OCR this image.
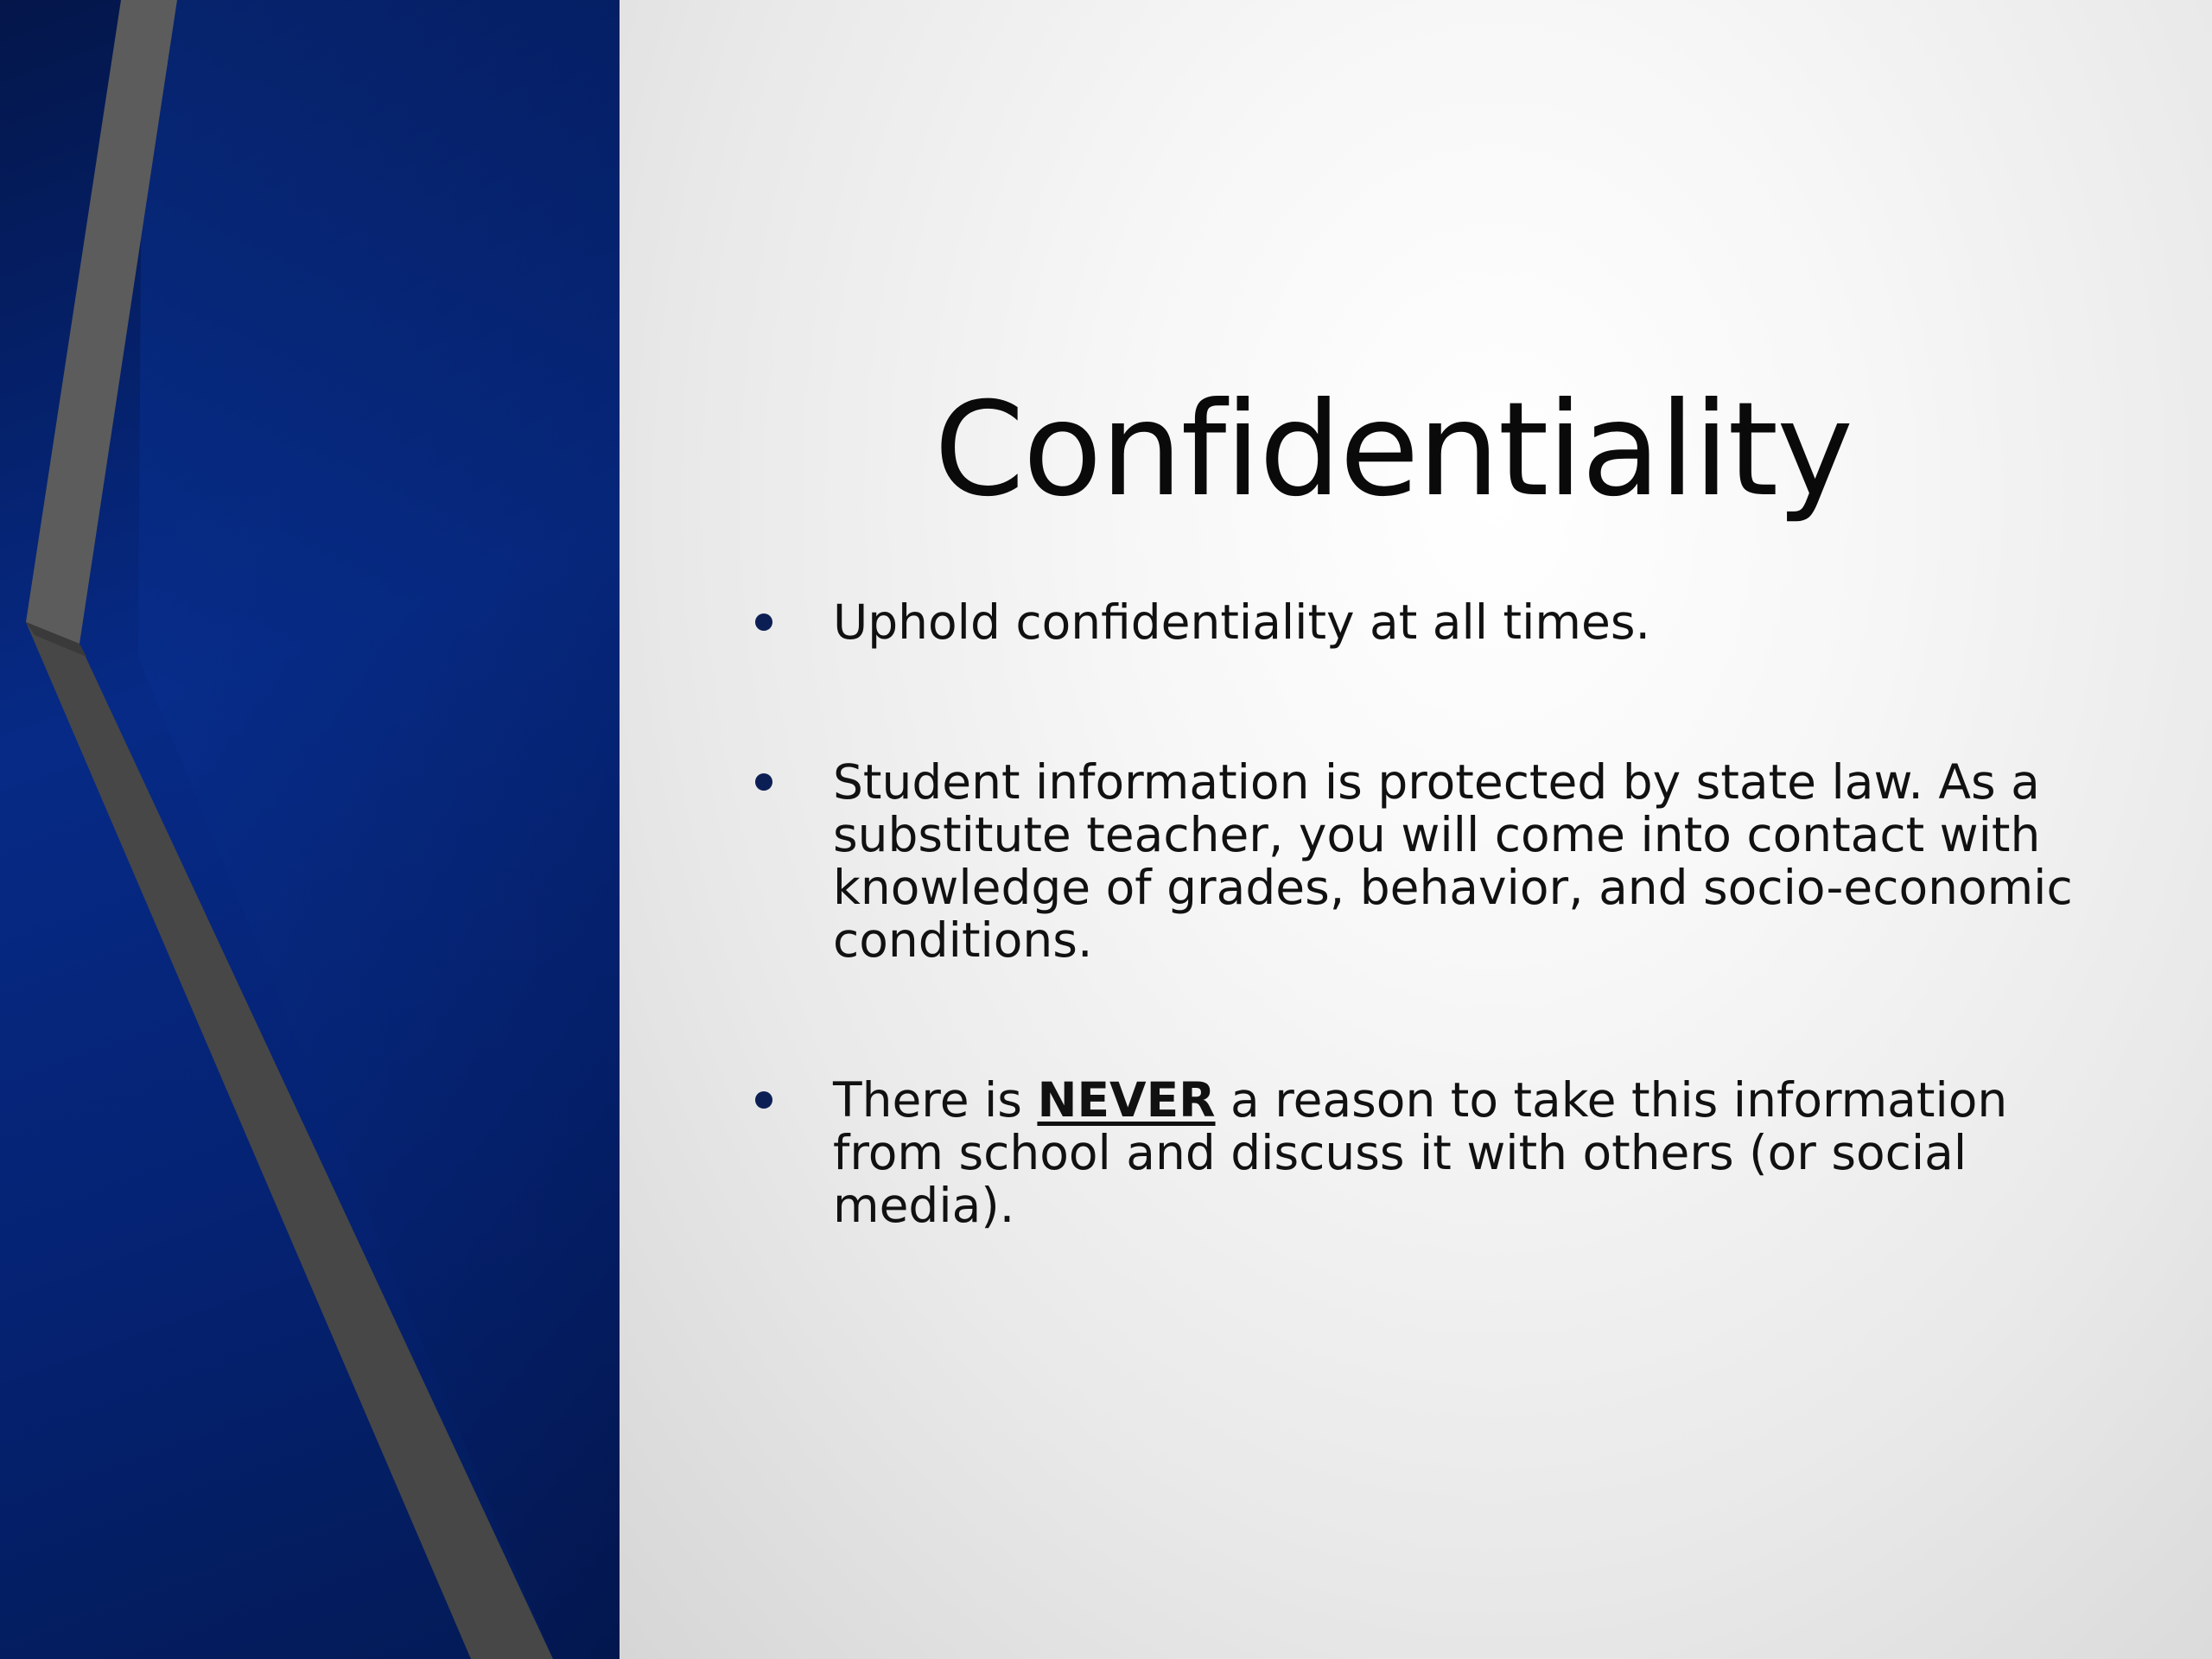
Confidentiality
Uphold confidentiality at all times.
Student information is protected by state law. As a substitute teacher, you will come into contact with knowledge of grades, behavior, and socio-economic conditions.
There is NEVER a reason to take this information from school and discuss it with others (or social media).
